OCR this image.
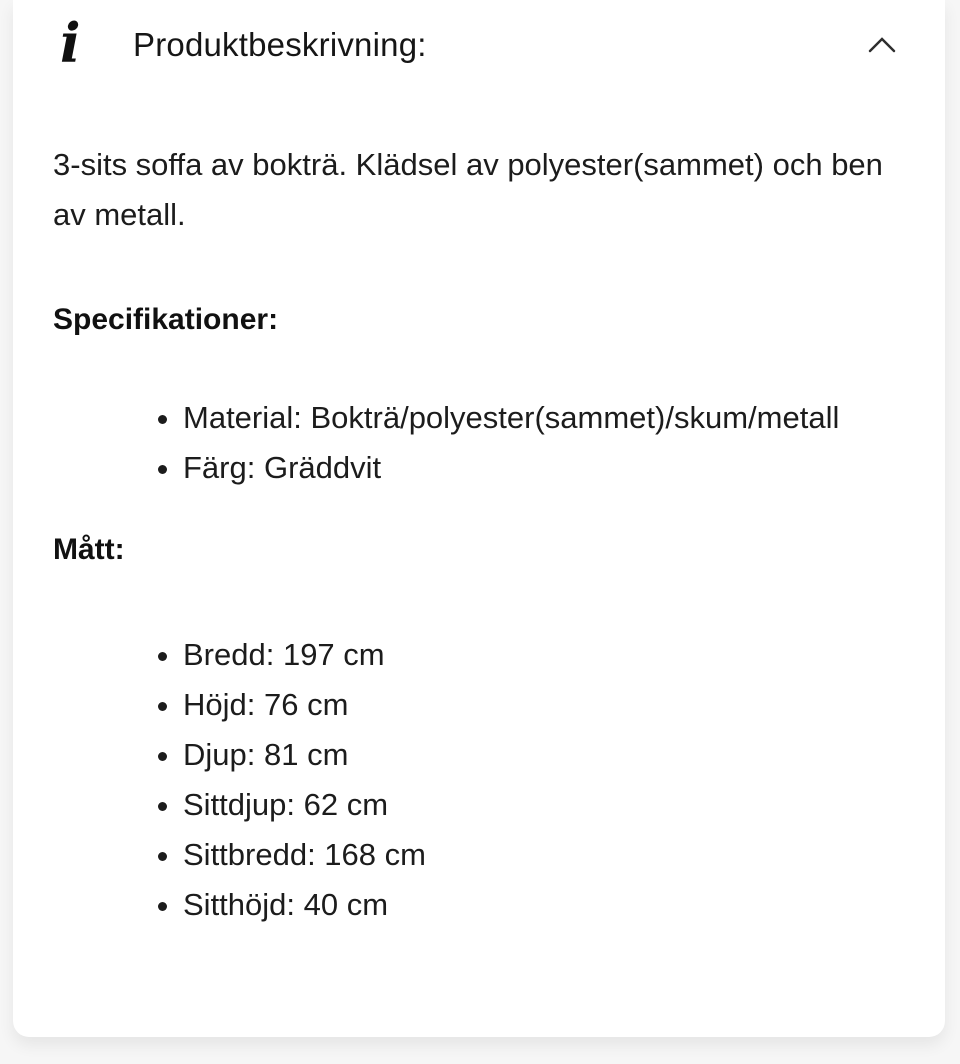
i Produktbeskrivning:

3-sits soffa av bokträ. Klädsel av polyester(sammet) och ben av metall.

Specifikationer:

• Material: Bokträ/polyester(sammet)/skum/metall
• Färg: Gräddvit

Mått:

• Bredd: 197 cm
• Höjd: 76 cm
• Djup: 81 cm
• Sittdjup: 62 cm
• Sittbredd: 168 cm
• Sitthöjd: 40 cm
